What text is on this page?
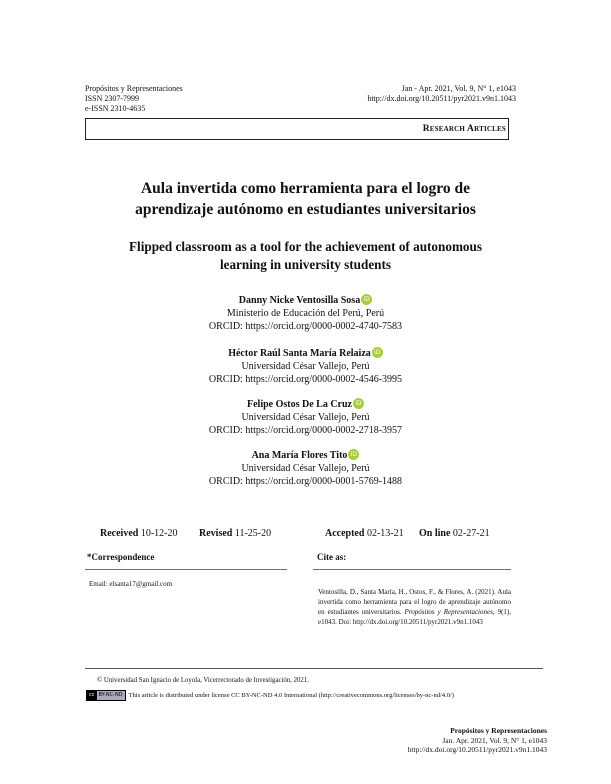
Propósitos y Representaciones
ISSN 2307-7999
e-ISSN 2310-4635
Jan - Apr. 2021, Vol. 9, N° 1, e1043
http://dx.doi.org/10.20511/pyr2021.v9n1.1043
Research Articles
Aula invertida como herramienta para el logro de
aprendizaje autónomo en estudiantes universitarios
Flipped classroom as a tool for the achievement of autonomous
learning in university students
Danny Nicke Ventosilla Sosa iD
Ministerio de Educación del Perú, Perú
ORCID: https://orcid.org/0000-0002-4740-7583
Héctor Raúl Santa María Relaiza iD
Universidad César Vallejo, Perú
ORCID: https://orcid.org/0000-0002-4546-3995
Felipe Ostos De La Cruz iD
Universidad César Vallejo, Perú
ORCID: https://orcid.org/0000-0002-2718-3957
Ana María Flores Tito iD
Universidad César Vallejo, Perú
ORCID: https://orcid.org/0000-0001-5769-1488
Received 10-12-20 Revised 11-25-20	Accepted 02-13-21 On line 02-27-21
*Correspondence
Email: elsanta17@gmail.com
Cite as:
Ventosilla, D., Santa María, H., Ostos, F., & Flores, A. (2021). Aula invertida como herramienta para el logro de aprendizaje autónomo en estudiantes universitarios. Propósitos y Representaciones, 9(1), e1043. Doi: http://dx.doi.org/10.20511/pyr2021.v9n1.1043
© Universidad San Ignacio de Loyola, Vicerrectorado de Investigación, 2021.
cc BY-NC-ND This article is distributed under license CC BY-NC-ND 4.0 International (http://creativecommons.org/licenses/by-nc-nd/4.0/)
Propósitos y Representaciones
Jan. Apr. 2021, Vol. 9, N° 1, e1043
http://dx.doi.org/10.20511/pyr2021.v9n1.1043
